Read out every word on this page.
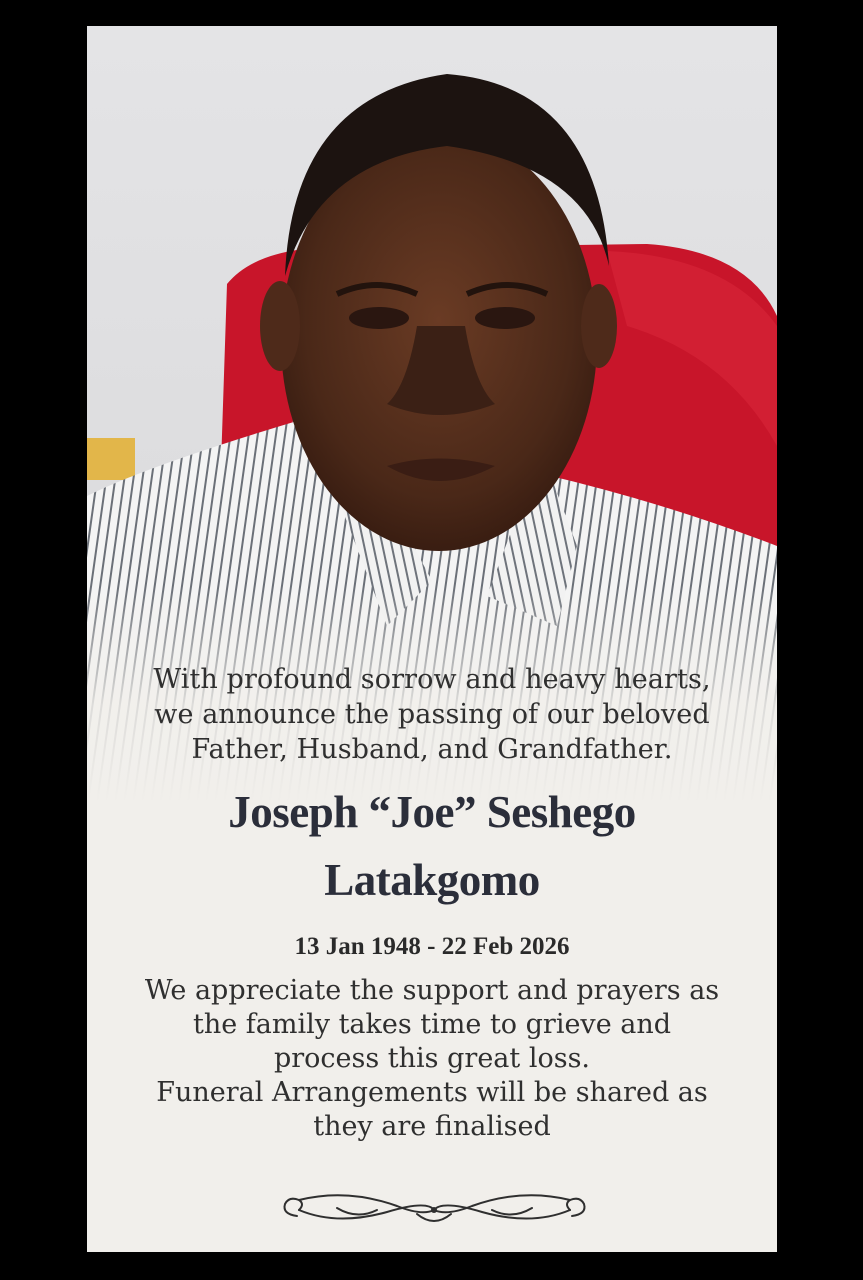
With profound sorrow and heavy hearts,
we announce the passing of our beloved
Father, Husband, and Grandfather.
Joseph “Joe” Seshego
Latakgomo
13 Jan 1948 - 22 Feb 2026
We appreciate the support and prayers as
the family takes time to grieve and
process this great loss.
Funeral Arrangements will be shared as
they are finalised
